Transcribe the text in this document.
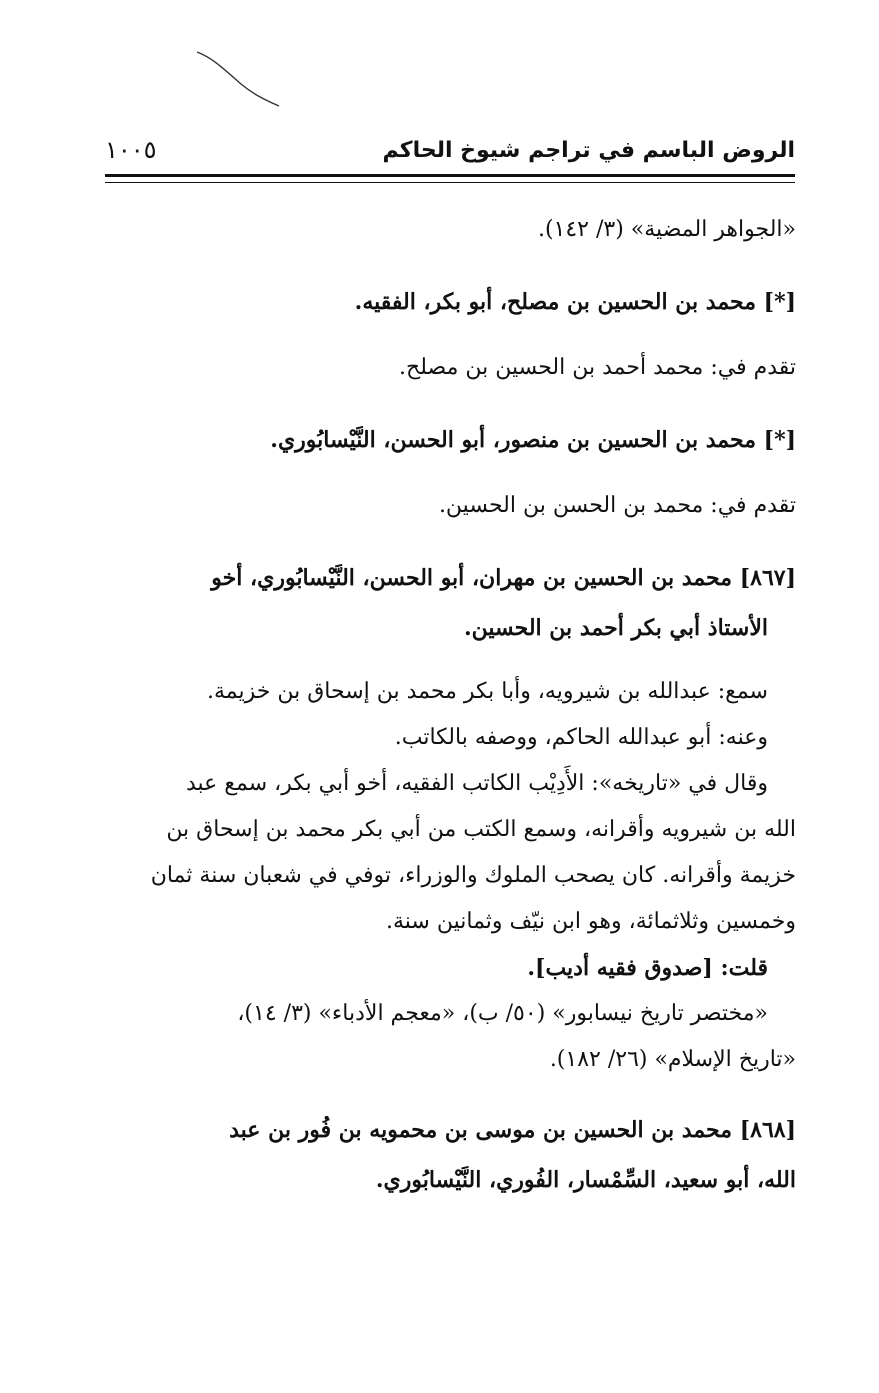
الروض الباسم في تراجم شيوخ الحاكم
١٠٠٥

«الجواهر المضية» (٣/ ١٤٢).

[*] محمد بن الحسين بن مصلح، أبو بكر، الفقيه.

تقدم في: محمد أحمد بن الحسين بن مصلح.

[*] محمد بن الحسين بن منصور، أبو الحسن، النَّيْسابُوري.

تقدم في: محمد بن الحسن بن الحسين.

[٨٦٧] محمد بن الحسين بن مهران، أبو الحسن، النَّيْسابُوري، أخو

الأستاذ أبي بكر أحمد بن الحسين.

سمع: عبدالله بن شيرويه، وأبا بكر محمد بن إسحاق بن خزيمة.

وعنه: أبو عبدالله الحاكم، ووصفه بالكاتب.

وقال في «تاريخه»: الأَدِيْب الكاتب الفقيه، أخو أبي بكر، سمع عبد

الله بن شيرويه وأقرانه، وسمع الكتب من أبي بكر محمد بن إسحاق بن

خزيمة وأقرانه. كان يصحب الملوك والوزراء، توفي في شعبان سنة ثمان

وخمسين وثلاثمائة، وهو ابن نيّف وثمانين سنة.

قلت: [صدوق فقيه أديب].

«مختصر تاريخ نيسابور» (٥٠/ ب)، «معجم الأدباء» (٣/ ١٤)،

«تاريخ الإسلام» (٢٦/ ١٨٢).

[٨٦٨] محمد بن الحسين بن موسى بن محمويه بن فُور بن عبد

الله، أبو سعيد، السِّمْسار، الفُوري، النَّيْسابُوري.
